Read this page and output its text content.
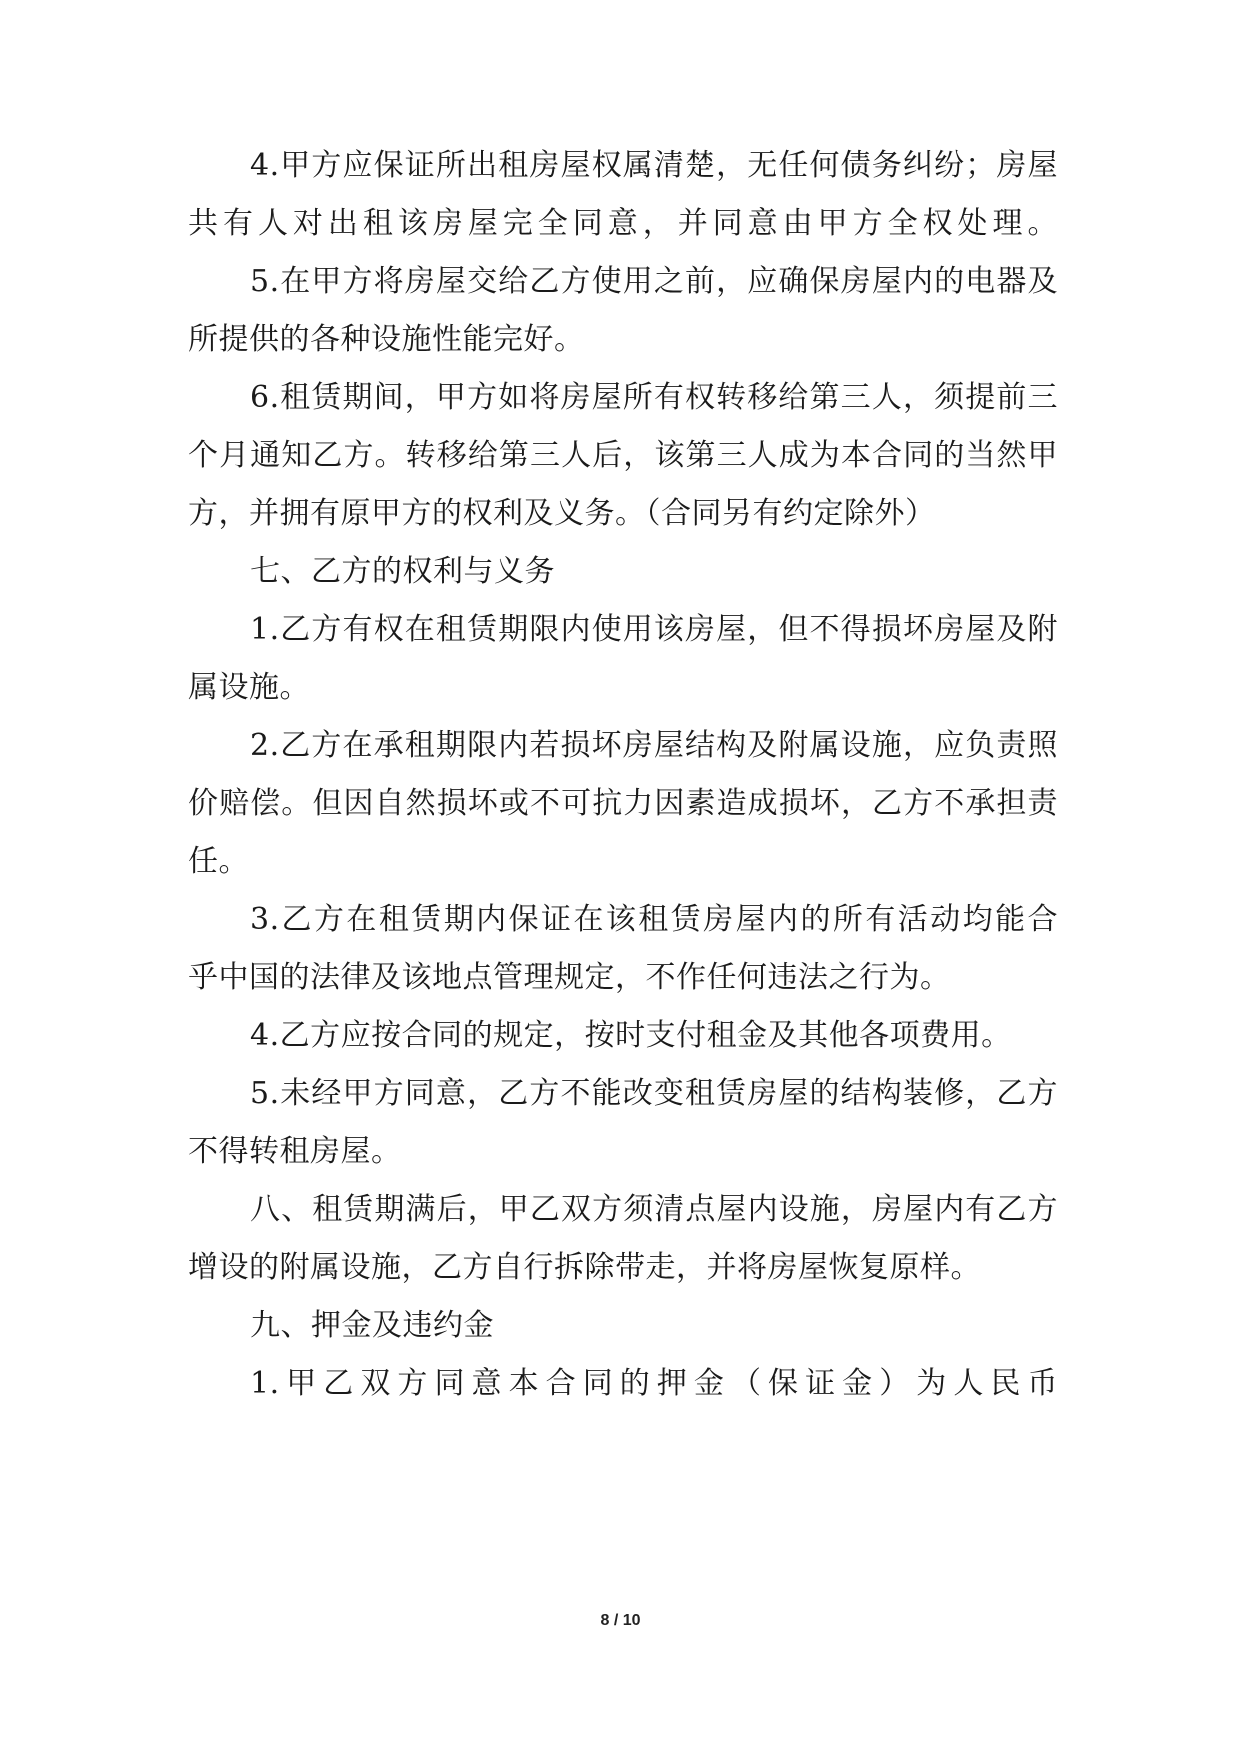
4.甲方应保证所出租房屋权属清楚，无任何债务纠纷；房屋
共有人对出租该房屋完全同意，并同意由甲方全权处理。
5.在甲方将房屋交给乙方使用之前，应确保房屋内的电器及
所提供的各种设施性能完好。
6.租赁期间，甲方如将房屋所有权转移给第三人，须提前三
个月通知乙方。转移给第三人后，该第三人成为本合同的当然甲
方，并拥有原甲方的权利及义务。（合同另有约定除外）
七、乙方的权利与义务
1.乙方有权在租赁期限内使用该房屋，但不得损坏房屋及附
属设施。
2.乙方在承租期限内若损坏房屋结构及附属设施，应负责照
价赔偿。但因自然损坏或不可抗力因素造成损坏，乙方不承担责
任。
3.乙方在租赁期内保证在该租赁房屋内的所有活动均能合
乎中国的法律及该地点管理规定，不作任何违法之行为。
4.乙方应按合同的规定，按时支付租金及其他各项费用。
5.未经甲方同意，乙方不能改变租赁房屋的结构装修，乙方
不得转租房屋。
八、租赁期满后，甲乙双方须清点屋内设施，房屋内有乙方
增设的附属设施，乙方自行拆除带走，并将房屋恢复原样。
九、押金及违约金
1.甲乙双方同意本合同的押金（保证金）为人民币
8 / 10
